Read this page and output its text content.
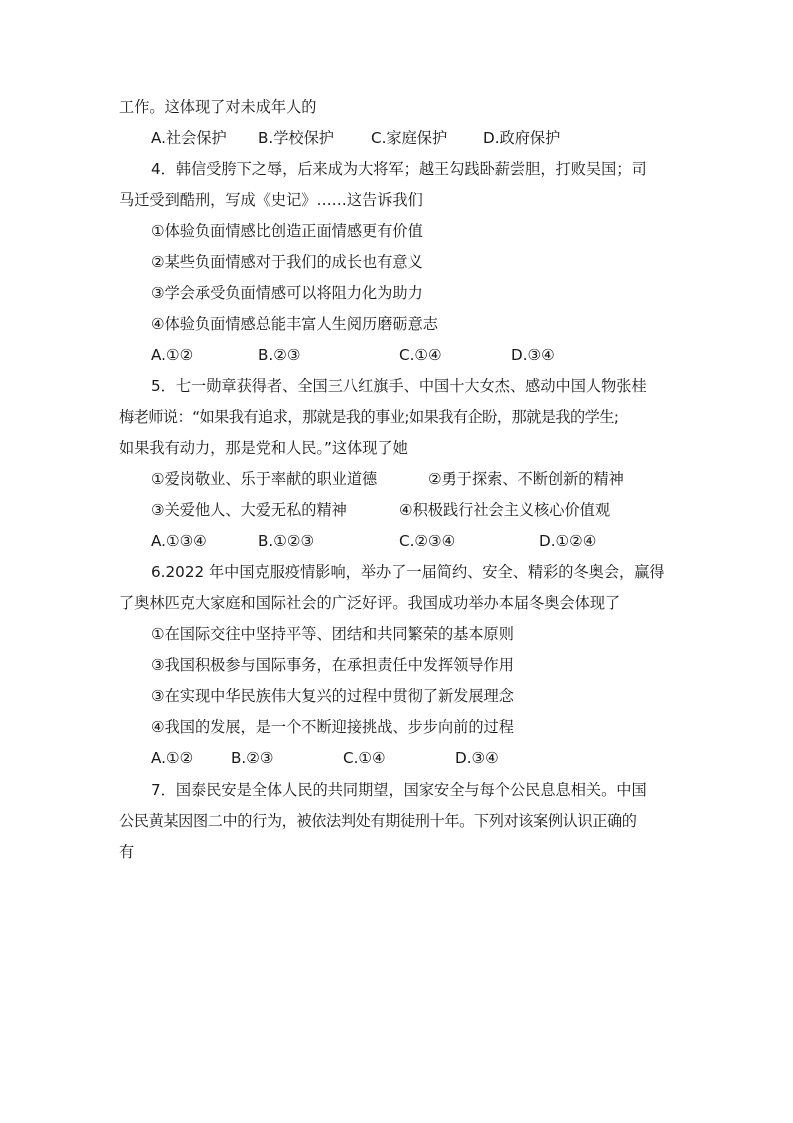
工作。这体现了对未成年人的
A.社会保护 B.学校保护 C.家庭保护 D.政府保护
4．韩信受胯下之辱，后来成为大将军；越王勾践卧薪尝胆，打败吴国；司
马迁受到酷刑，写成《史记》……这告诉我们
①体验负面情感比创造正面情感更有价值
②某些负面情感对于我们的成长也有意义
③学会承受负面情感可以将阻力化为助力
④体验负面情感总能丰富人生阅历磨砺意志
A.①②	B.②③	C.①④	D.③④
5．七一勋章获得者、全国三八红旗手、中国十大女杰、感动中国人物张桂
梅老师说：“如果我有追求，那就是我的事业;如果我有企盼，那就是我的学生;
如果我有动力，那是党和人民。”这体现了她
①爱岗敬业、乐于率献的职业道德	②勇于探索、不断创新的精神
③关爱他人、大爱无私的精神	④积极践行社会主义核心价值观
A.①③④	B.①②③	C.②③④	D.①②④
6.2022 年中国克服疫情影响，举办了一届简约、安全、精彩的冬奥会，赢得
了奥林匹克大家庭和国际社会的广泛好评。我国成功举办本届冬奥会体现了
①在国际交往中坚持平等、团结和共同繁荣的基本原则
③我国积极参与国际事务，在承担责任中发挥领导作用
③在实现中华民族伟大复兴的过程中贯彻了新发展理念
④我国的发展，是一个不断迎接挑战、步步向前的过程
A.①② B.②③	C.①④	D.③④
7．国泰民安是全体人民的共同期望，国家安全与每个公民息息相关。中国
公民黄某因图二中的行为，被依法判处有期徒刑十年。下列对该案例认识正确的
有
